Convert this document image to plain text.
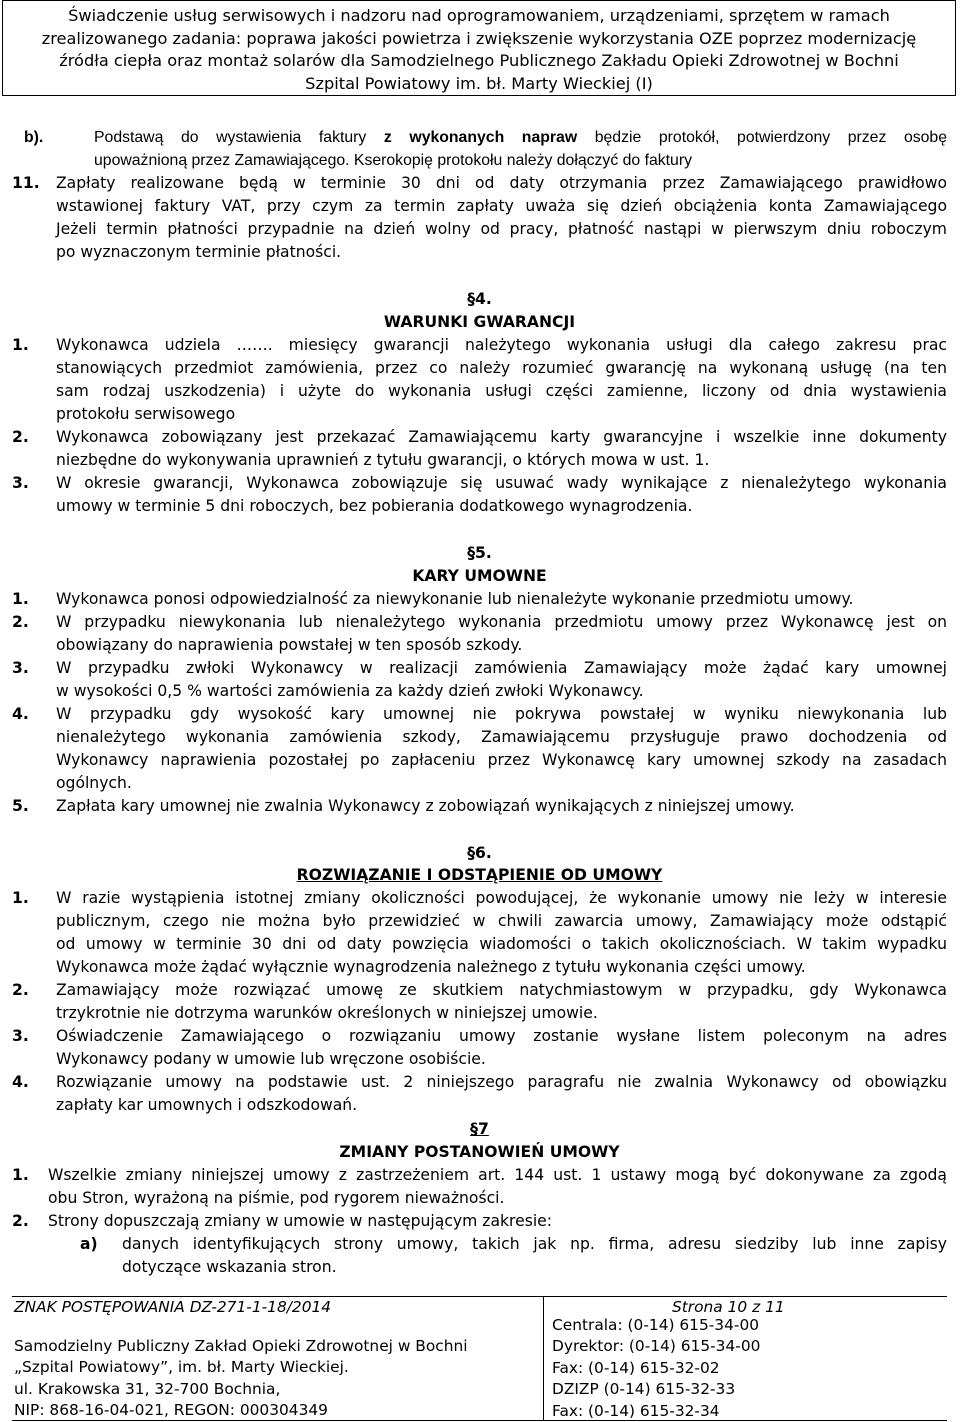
Świadczenie usług serwisowych i nadzoru nad oprogramowaniem, urządzeniami, sprzętem w ramach
zrealizowanego zadania: poprawa jakości powietrza i zwiększenie wykorzystania OZE poprzez modernizację
źródła ciepła oraz montaż solarów dla Samodzielnego Publicznego Zakładu Opieki Zdrowotnej w Bochni
Szpital Powiatowy im. bł. Marty Wieckiej (I)
b).	Podstawą do wystawienia faktury z wykonanych napraw będzie protokół, potwierdzony przez osobę
upoważnioną przez Zamawiającego. Kserokopię protokołu należy dołączyć do faktury
11. Zapłaty realizowane będą w terminie 30 dni od daty otrzymania przez Zamawiającego prawidłowo
wstawionej faktury VAT, przy czym za termin zapłaty uważa się dzień obciążenia konta Zamawiającego
Jeżeli termin płatności przypadnie na dzień wolny od pracy, płatność nastąpi w pierwszym dniu roboczym
po wyznaczonym terminie płatności.
§4.
WARUNKI GWARANCJI
1. Wykonawca udziela ……. miesięcy gwarancji należytego wykonania usługi dla całego zakresu prac
stanowiących przedmiot zamówienia, przez co należy rozumieć gwarancję na wykonaną usługę (na ten
sam rodzaj uszkodzenia) i użyte do wykonania usługi części zamienne, liczony od dnia wystawienia
protokołu serwisowego
2. Wykonawca zobowiązany jest przekazać Zamawiającemu karty gwarancyjne i wszelkie inne dokumenty
niezbędne do wykonywania uprawnień z tytułu gwarancji, o których mowa w ust. 1.
3. W okresie gwarancji, Wykonawca zobowiązuje się usuwać wady wynikające z nienależytego wykonania
umowy w terminie 5 dni roboczych, bez pobierania dodatkowego wynagrodzenia.
§5.
KARY UMOWNE
1. Wykonawca ponosi odpowiedzialność za niewykonanie lub nienależyte wykonanie przedmiotu umowy.
2. W przypadku niewykonania lub nienależytego wykonania przedmiotu umowy przez Wykonawcę jest on
obowiązany do naprawienia powstałej w ten sposób szkody.
3. W przypadku zwłoki Wykonawcy w realizacji zamówienia Zamawiający może żądać kary umownej
w wysokości 0,5 % wartości zamówienia za każdy dzień zwłoki Wykonawcy.
4. W przypadku gdy wysokość kary umownej nie pokrywa powstałej w wyniku niewykonania lub
nienależytego wykonania zamówienia szkody, Zamawiającemu przysługuje prawo dochodzenia od
Wykonawcy naprawienia pozostałej po zapłaceniu przez Wykonawcę kary umownej szkody na zasadach
ogólnych.
5. Zapłata kary umownej nie zwalnia Wykonawcy z zobowiązań wynikających z niniejszej umowy.
§6.
ROZWIĄZANIE I ODSTĄPIENIE OD UMOWY
1. W razie wystąpienia istotnej zmiany okoliczności powodującej, że wykonanie umowy nie leży w interesie
publicznym, czego nie można było przewidzieć w chwili zawarcia umowy, Zamawiający może odstąpić
od umowy w terminie 30 dni od daty powzięcia wiadomości o takich okolicznościach. W takim wypadku
Wykonawca może żądać wyłącznie wynagrodzenia należnego z tytułu wykonania części umowy.
2. Zamawiający może rozwiązać umowę ze skutkiem natychmiastowym w przypadku, gdy Wykonawca
trzykrotnie nie dotrzyma warunków określonych w niniejszej umowie.
3. Oświadczenie Zamawiającego o rozwiązaniu umowy zostanie wysłane listem poleconym na adres
Wykonawcy podany w umowie lub wręczone osobiście.
4. Rozwiązanie umowy na podstawie ust. 2 niniejszego paragrafu nie zwalnia Wykonawcy od obowiązku
zapłaty kar umownych i odszkodowań.
§7
ZMIANY POSTANOWIEŃ UMOWY
1. Wszelkie zmiany niniejszej umowy z zastrzeżeniem art. 144 ust. 1 ustawy mogą być dokonywane za zgodą
obu Stron, wyrażoną na piśmie, pod rygorem nieważności.
2. Strony dopuszczają zmiany w umowie w następującym zakresie:
a) danych identyfikujących strony umowy, takich jak np. firma, adresu siedziby lub inne zapisy
dotyczące wskazania stron.
ZNAK POSTĘPOWANIA DZ-271-1-18/2014	Strona 10 z 11
Samodzielny Publiczny Zakład Opieki Zdrowotnej w Bochni
„Szpital Powiatowy”, im. bł. Marty Wieckiej.
ul. Krakowska 31, 32-700 Bochnia,
NIP: 868-16-04-021, REGON: 000304349
Centrala: (0-14) 615-34-00
Dyrektor: (0-14) 615-34-00
Fax: (0-14) 615-32-02
DZIZP (0-14) 615-32-33
Fax: (0-14) 615-32-34
